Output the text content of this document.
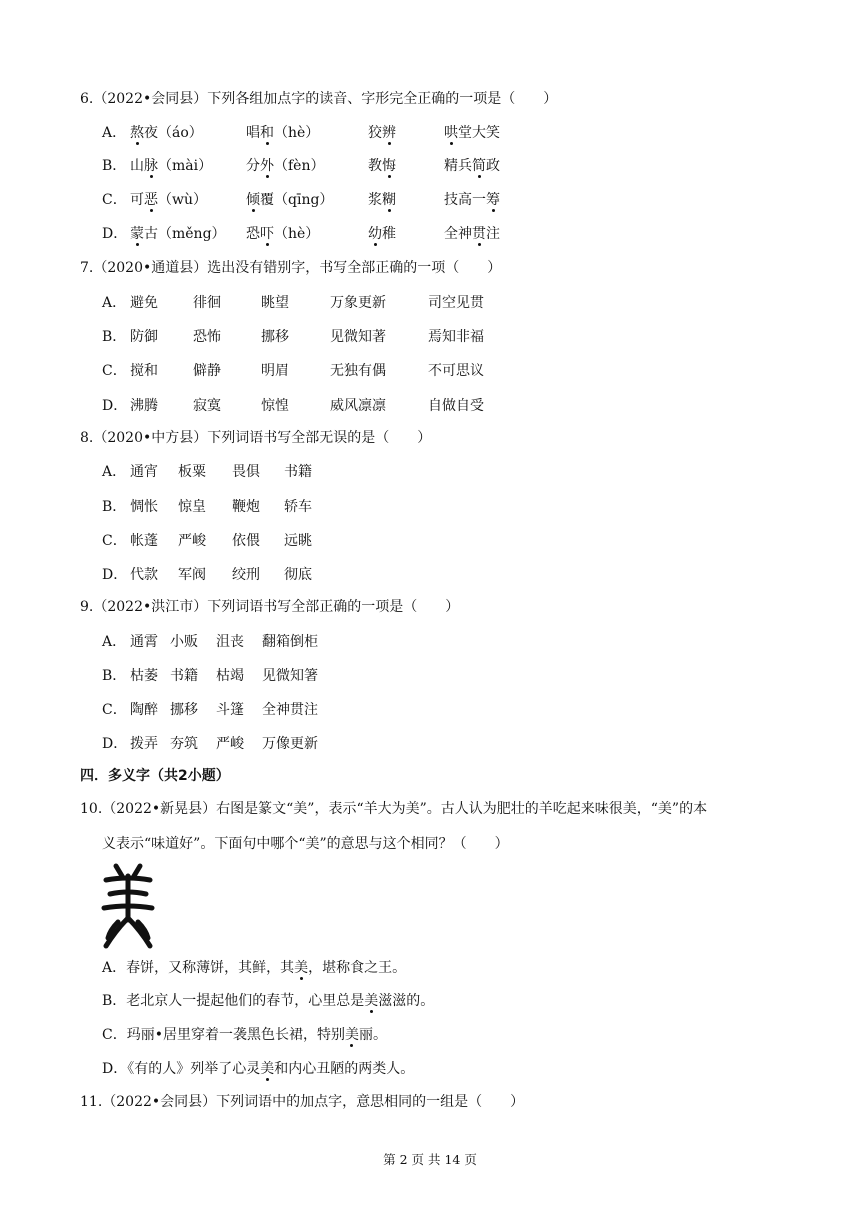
6.（2022•会同县）下列各组加点字的读音、字形完全正确的一项是（　　）
A． 熬夜（áo）	唱和（hè）	狡辨	哄堂大笑
B． 山脉（mài） 分外（fèn）	教悔	精兵简政
C． 可恶（wù）	倾覆（qīng） 浆糊	技高一筹
D． 蒙古（měng） 恐吓（hè）	幼稚	全神贯注
7.（2020•通道县）选出没有错别字，书写全部正确的一项（　　）
A． 避免	徘徊	眺望	万象更新	司空见贯
B． 防御	恐怖	挪移	见微知著	焉知非福
C． 搅和	僻静	明眉	无独有偶	不可思议
D． 沸腾	寂寞	惊惶	威风凛凛	自做自受
8.（2020•中方县）下列词语书写全部无误的是（　　）
A． 通宵 板粟 畏俱 书籍
B． 惆怅 惊皇 鞭炮 轿车
C． 帐蓬 严峻 依偎 远眺
D． 代款 军阀 绞刑 彻底
9.（2022•洪江市）下列词语书写全部正确的一项是（　　）
A． 通霄 小贩 沮丧 翻箱倒柜
B． 枯萎 书籍 枯竭 见微知箸
C． 陶醉 挪移 斗篷 全神贯注
D． 拨弄 夯筑 严峻 万像更新
四．多义字（共2小题）
10.（2022•新晃县）右图是篆文“美”，表示“羊大为美”。古人认为肥壮的羊吃起来味很美，“美”的本
义表示“味道好”。下面句中哪个“美”的意思与这个相同？（　　）
A．春饼，又称薄饼，其鲜，其美，堪称食之王。
B．老北京人一提起他们的春节，心里总是美滋滋的。
C．玛丽•居里穿着一袭黑色长裙，特别美丽。
D．《有的人》列举了心灵美和内心丑陋的两类人。
11.（2022•会同县）下列词语中的加点字，意思相同的一组是（　　）
第 2 页 共 14 页
